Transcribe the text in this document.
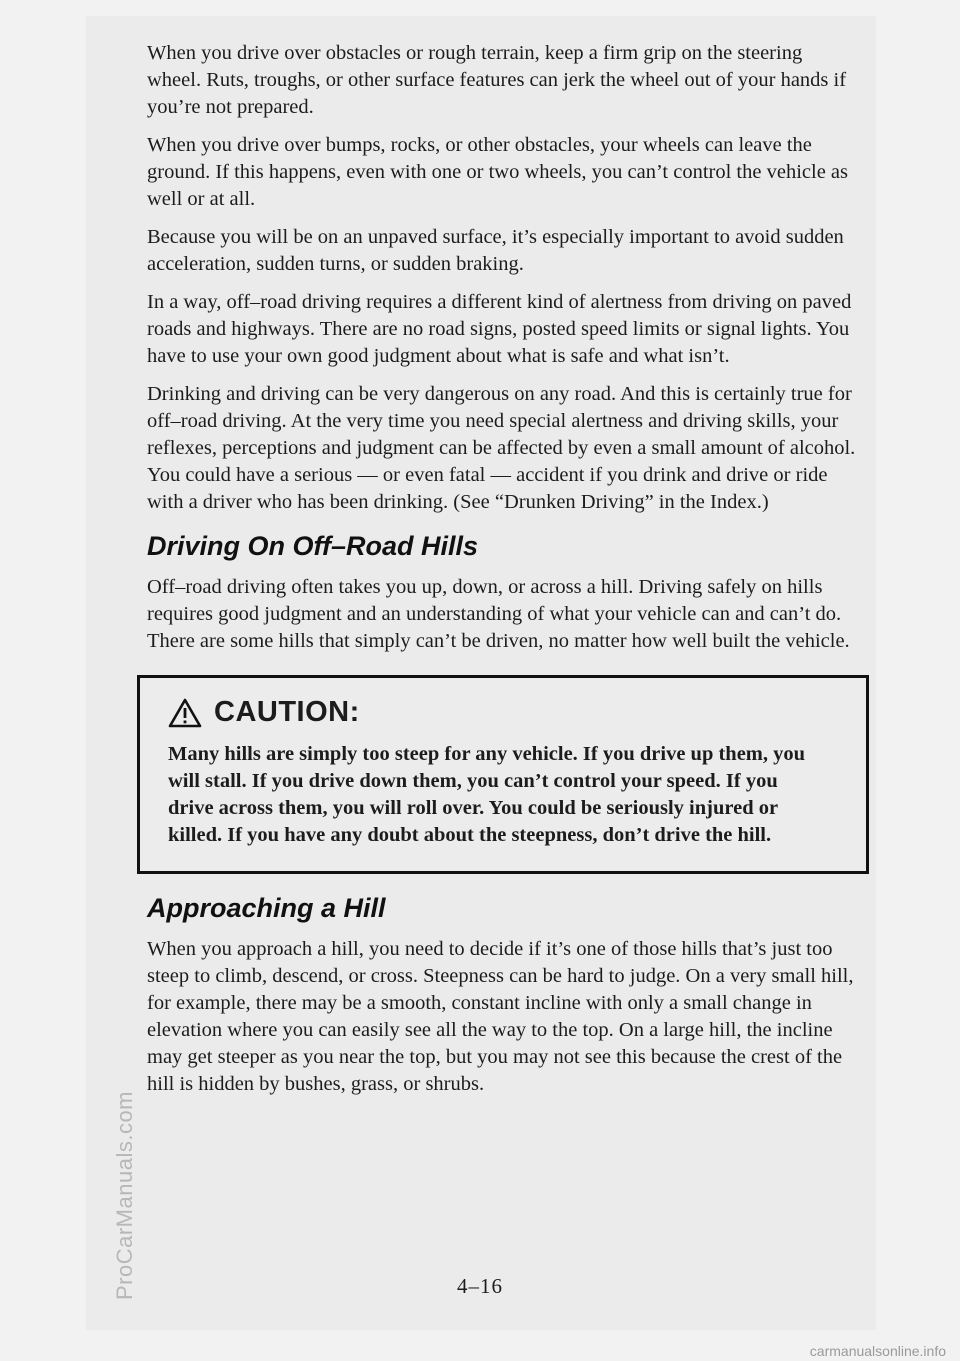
ProCarManuals.com

When you drive over obstacles or rough terrain, keep a firm grip on the steering wheel. Ruts, troughs, or other surface features can jerk the wheel out of your hands if you’re not prepared.

When you drive over bumps, rocks, or other obstacles, your wheels can leave the ground. If this happens, even with one or two wheels, you can’t control the vehicle as well or at all.

Because you will be on an unpaved surface, it’s especially important to avoid sudden acceleration, sudden turns, or sudden braking.

In a way, off–road driving requires a different kind of alertness from driving on paved roads and highways. There are no road signs, posted speed limits or signal lights. You have to use your own good judgment about what is safe and what isn’t.

Drinking and driving can be very dangerous on any road. And this is certainly true for off–road driving. At the very time you need special alertness and driving skills, your reflexes, perceptions and judgment can be affected by even a small amount of alcohol. You could have a serious — or even fatal — accident if you drink and drive or ride with a driver who has been drinking. (See “Drunken Driving” in the Index.)

Driving On Off–Road Hills

Off–road driving often takes you up, down, or across a hill. Driving safely on hills requires good judgment and an understanding of what your vehicle can and can’t do. There are some hills that simply can’t be driven, no matter how well built the vehicle.

CAUTION:

Many hills are simply too steep for any vehicle. If you drive up them, you will stall. If you drive down them, you can’t control your speed. If you drive across them, you will roll over. You could be seriously injured or killed. If you have any doubt about the steepness, don’t drive the hill.

Approaching a Hill

When you approach a hill, you need to decide if it’s one of those hills that’s just too steep to climb, descend, or cross. Steepness can be hard to judge. On a very small hill, for example, there may be a smooth, constant incline with only a small change in elevation where you can easily see all the way to the top. On a large hill, the incline may get steeper as you near the top, but you may not see this because the crest of the hill is hidden by bushes, grass, or shrubs.

4–16
carmanualsonline.info
